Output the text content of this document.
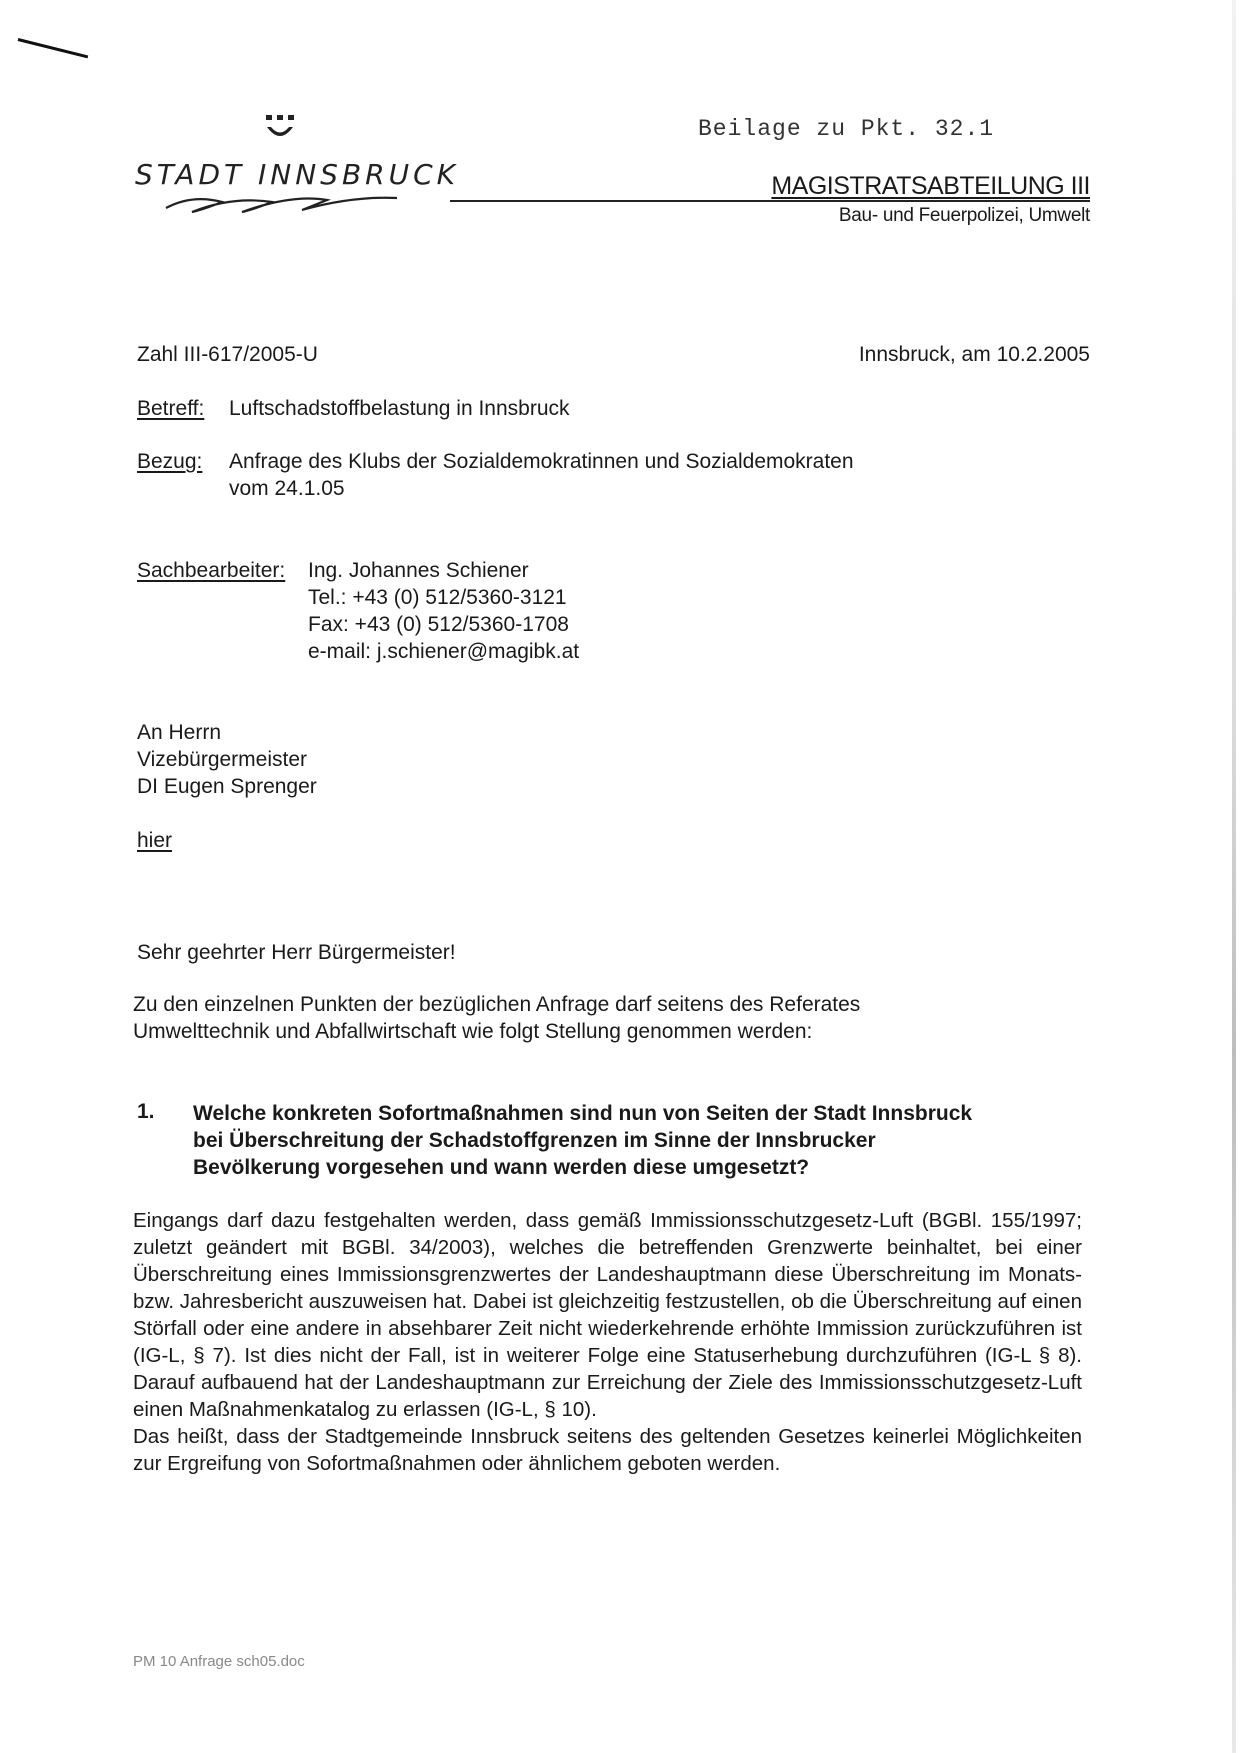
STADT INNSBRUCK
Beilage zu Pkt. 32.1
MAGISTRATSABTEILUNG III
Bau- und Feuerpolizei, Umwelt
Zahl III-617/2005-U	Innsbruck, am 10.2.2005
Betreff: Luftschadstoffbelastung in Innsbruck
Bezug: Anfrage des Klubs der Sozialdemokratinnen und Sozialdemokraten

vom 24.1.05

Sachbearbeiter: Ing. Johannes Schiener

Tel.: +43 (0) 512/5360-3121

Fax: +43 (0) 512/5360-1708

e-mail: j.schiener@magibk.at

An Herrn

Vizebürgermeister

DI Eugen Sprenger

hier
Sehr geehrter Herr Bürgermeister!

Zu den einzelnen Punkten der bezüglichen Anfrage darf seitens des Referates

Umwelttechnik und Abfallwirtschaft wie folgt Stellung genommen werden:

1. Welche konkreten Sofortmaßnahmen sind nun von Seiten der Stadt Innsbruck

bei Überschreitung der Schadstoffgrenzen im Sinne der Innsbrucker

Bevölkerung vorgesehen und wann werden diese umgesetzt?

Eingangs darf dazu festgehalten werden, dass gemäß Immissionsschutzgesetz-Luft (BGBl. 155/1997; zuletzt geändert mit BGBl. 34/2003), welches die betreffenden Grenzwerte beinhaltet, bei einer Überschreitung eines Immissionsgrenzwertes der Landeshauptmann diese Überschreitung im Monats- bzw. Jahresbericht auszuweisen hat. Dabei ist gleichzeitig festzustellen, ob die Überschreitung auf einen Störfall oder eine andere in absehbarer Zeit nicht wiederkehrende erhöhte Immission zurückzuführen ist (IG-L, § 7). Ist dies nicht der Fall, ist in weiterer Folge eine Statuserhebung durchzuführen (IG-L § 8). Darauf aufbauend hat der Landeshauptmann zur Erreichung der Ziele des Immissionsschutzgesetz-Luft einen Maßnahmenkatalog zu erlassen (IG-L, § 10).

Das heißt, dass der Stadtgemeinde Innsbruck seitens des geltenden Gesetzes keinerlei Möglichkeiten zur Ergreifung von Sofortmaßnahmen oder ähnlichem geboten werden.

PM 10 Anfrage sch05.doc
